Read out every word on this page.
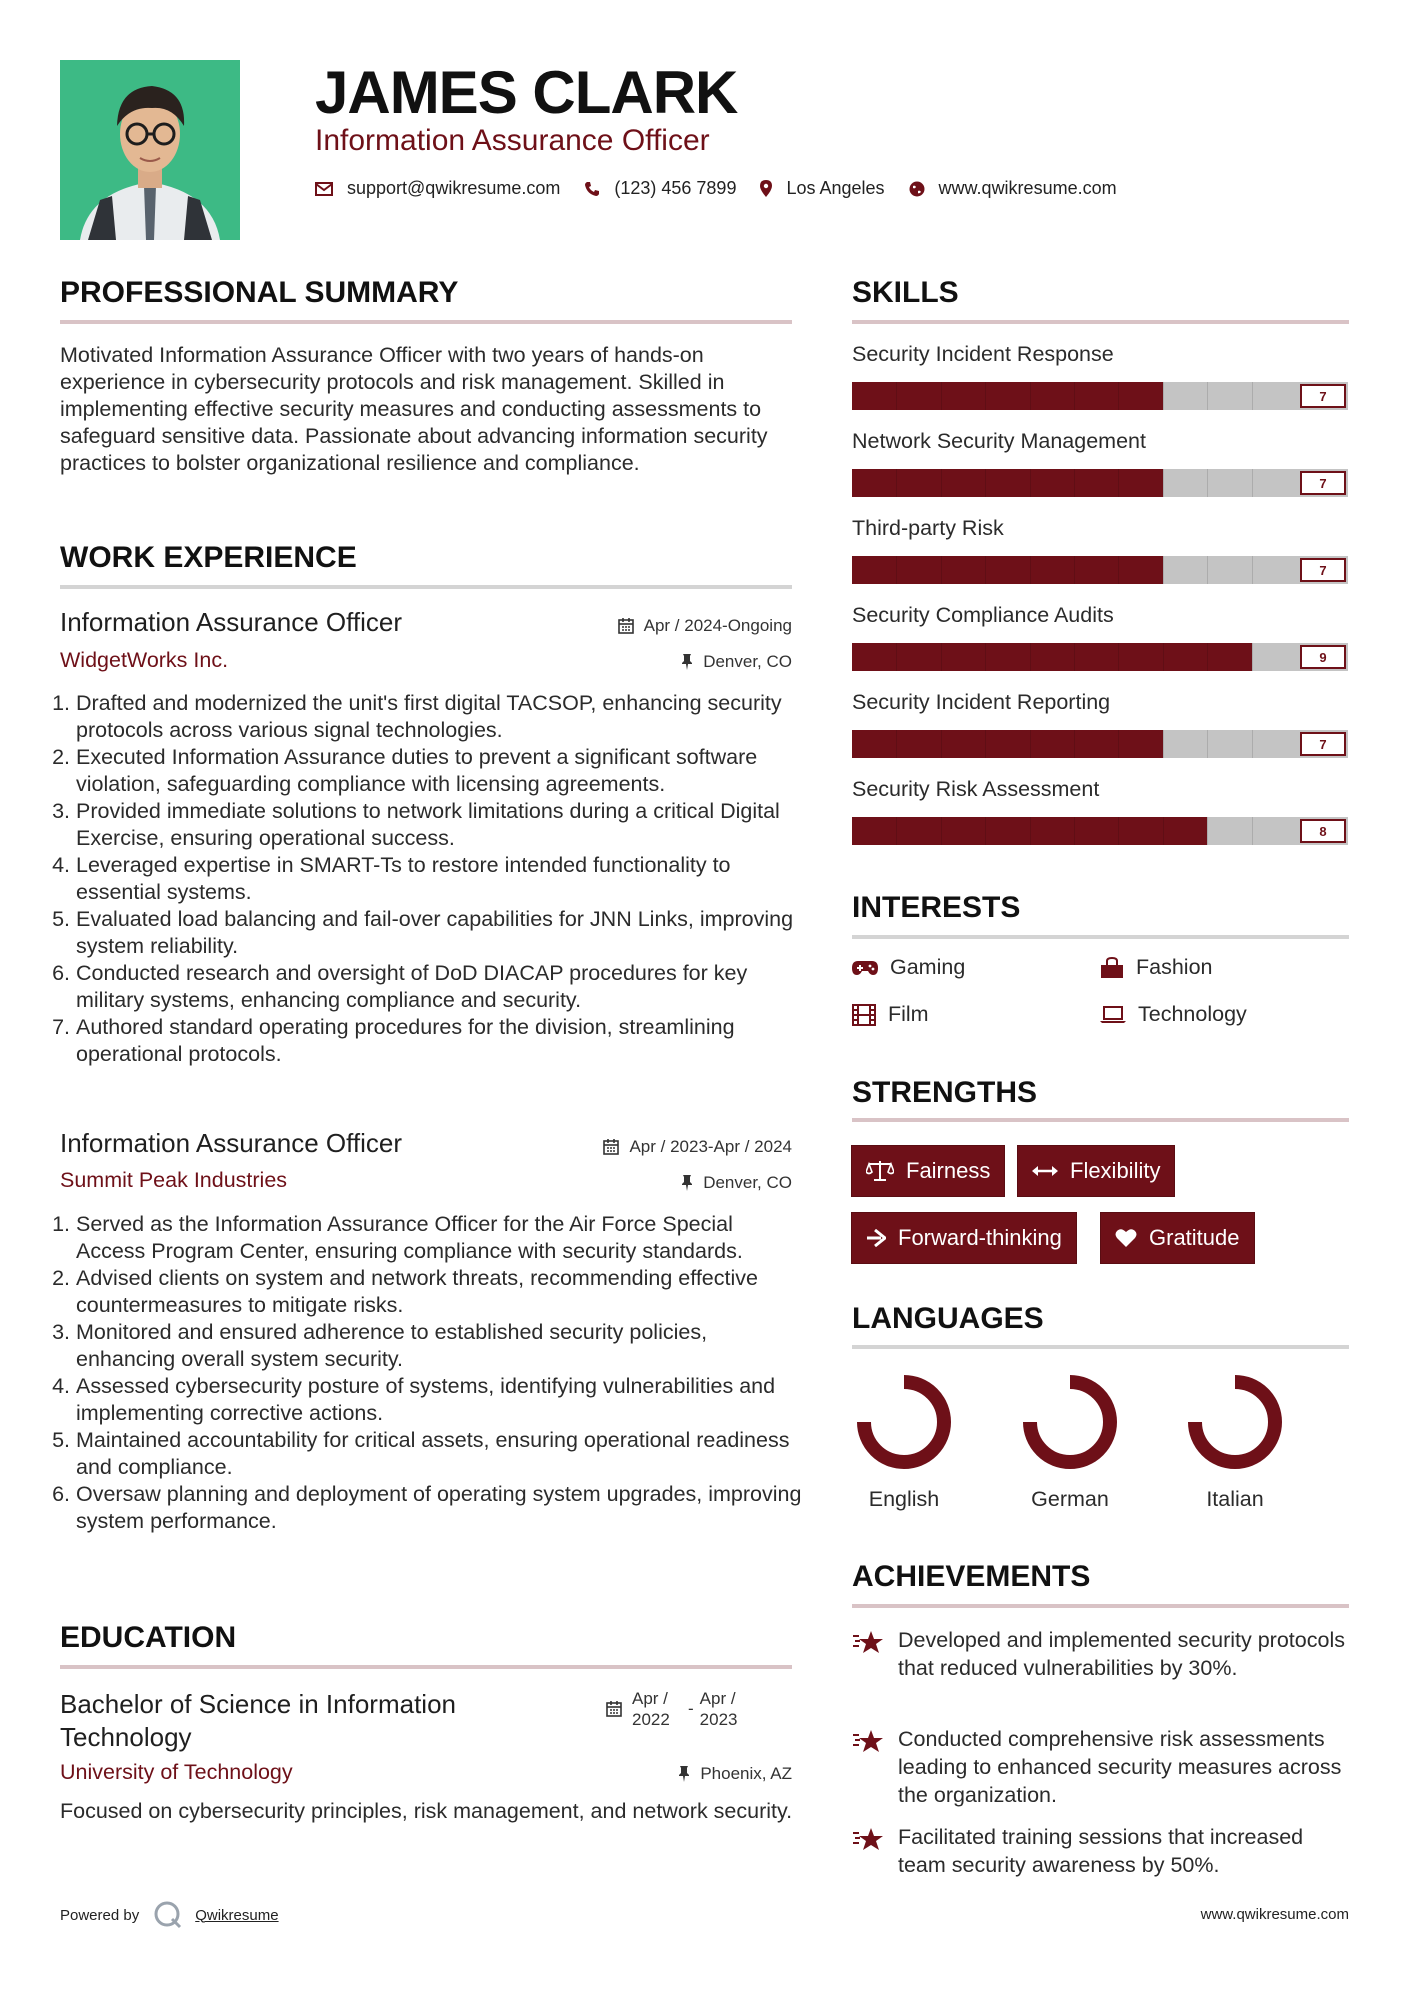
JAMES CLARK
Information Assurance Officer
support@qwikresume.com	(123) 456 7899	Los Angeles	www.qwikresume.com
PROFESSIONAL SUMMARY
Motivated Information Assurance Officer with two years of hands-on experience in cybersecurity protocols and risk management. Skilled in implementing effective security measures and conducting assessments to safeguard sensitive data. Passionate about advancing information security practices to bolster organizational resilience and compliance.
WORK EXPERIENCE
Information Assurance Officer	Apr / 2024-Ongoing
WidgetWorks Inc.	Denver, CO
1. Drafted and modernized the unit's first digital TACSOP, enhancing security protocols across various signal technologies.
2. Executed Information Assurance duties to prevent a significant software violation, safeguarding compliance with licensing agreements.
3. Provided immediate solutions to network limitations during a critical Digital Exercise, ensuring operational success.
4. Leveraged expertise in SMART-Ts to restore intended functionality to essential systems.
5. Evaluated load balancing and fail-over capabilities for JNN Links, improving system reliability.
6. Conducted research and oversight of DoD DIACAP procedures for key military systems, enhancing compliance and security.
7. Authored standard operating procedures for the division, streamlining operational protocols.
Information Assurance Officer	Apr / 2023-Apr / 2024
Summit Peak Industries	Denver, CO
1. Served as the Information Assurance Officer for the Air Force Special Access Program Center, ensuring compliance with security standards.
2. Advised clients on system and network threats, recommending effective countermeasures to mitigate risks.
3. Monitored and ensured adherence to established security policies, enhancing overall system security.
4. Assessed cybersecurity posture of systems, identifying vulnerabilities and implementing corrective actions.
5. Maintained accountability for critical assets, ensuring operational readiness and compliance.
6. Oversaw planning and deployment of operating system upgrades, improving system performance.
EDUCATION
Bachelor of Science in Information Technology
Apr / 2022
-
Apr / 2023
University of Technology	Phoenix, AZ
Focused on cybersecurity principles, risk management, and network security.
SKILLS
Security Incident Response
7
Network Security Management
7
Third-party Risk
7
Security Compliance Audits
9
Security Incident Reporting
7
Security Risk Assessment
8
INTERESTS
Gaming	Fashion
Film	Technology
STRENGTHS
Fairness	Flexibility
Forward-thinking	Gratitude
LANGUAGES
English	German	Italian
ACHIEVEMENTS
Developed and implemented security protocols that reduced vulnerabilities by 30%.
Conducted comprehensive risk assessments leading to enhanced security measures across the organization.
Facilitated training sessions that increased team security awareness by 50%.
Powered by	Qwikresume	www.qwikresume.com
